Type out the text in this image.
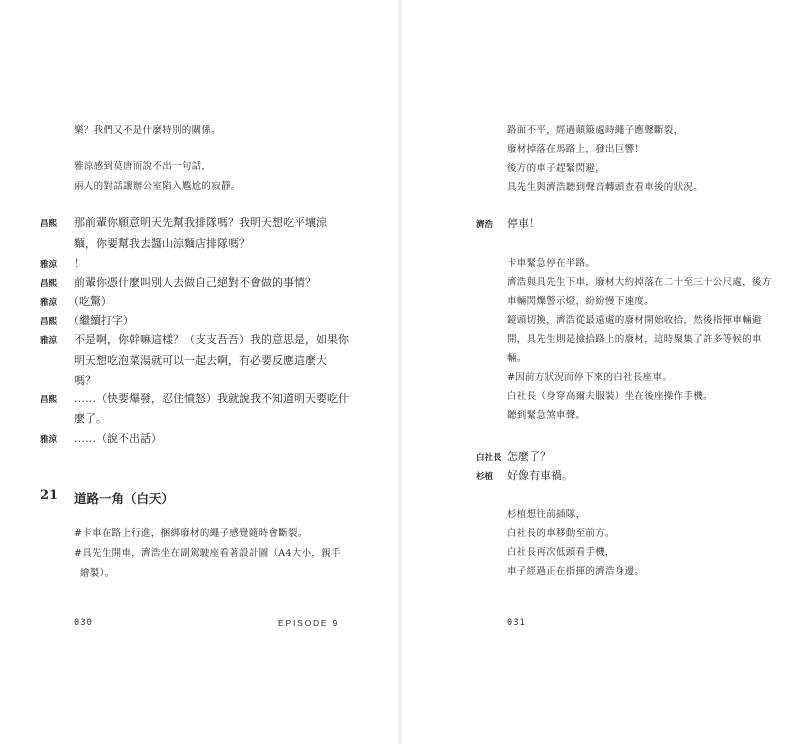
樂？我們又不是什麼特別的關係。
雅涼感到莫唐而說不出一句話，
兩人的對話讓辦公室陷入尷尬的寂靜。
昌熙 那前輩你願意明天先幫我排隊嗎？我明天想吃平壤涼
麵，你要幫我去醬山涼麵店排隊嗎？
雅涼 ！
昌熙 前輩你憑什麼叫別人去做自己絕對不會做的事情？
雅涼 （吃驚）
昌熙 （繼續打字）
雅涼 不是啊，你幹嘛這樣？（支支吾吾）我的意思是，如果你
明天想吃泡菜湯就可以一起去啊，有必要反應這麼大
嗎？
昌熙 ……（快要爆發，忍住憤怒）我就說我不知道明天要吃什
麼了。
雅涼 ……（說不出話）
21 道路一角（白天）
#卡車在路上行進，捆綁廢材的繩子感覺隨時會斷裂。
#具先生開車，濟浩坐在副駕駛座看著設計圖（A4大小，親手
繪製）。
030	EPISODE 9
路面不平，經過顛簸處時繩子應聲斷裂，
廢材掉落在馬路上，發出巨響！
後方的車子趕緊閃避，
具先生與濟浩聽到聲音轉頭查看車後的狀況。
濟浩 停車！
卡車緊急停在半路。
濟浩與具先生下車，廢材大約掉落在二十至三十公尺處，後方
車輛閃爍警示燈，紛紛慢下速度。
鏡頭切換，濟浩從最遠處的廢材開始收拾，然後指揮車輛避
開，具先生則是撿拾路上的廢材，這時聚集了許多等候的車
輛。
#因前方狀況而停下來的白社長座車。
白社長（身穿高爾夫服裝）坐在後座操作手機。
聽到緊急煞車聲。
白社長 怎麼了？
杉植 好像有車禍。
杉植想往前插隊，
白社長的車移動至前方。
白社長再次低頭看手機，
車子經過正在指揮的濟浩身邊。
031
